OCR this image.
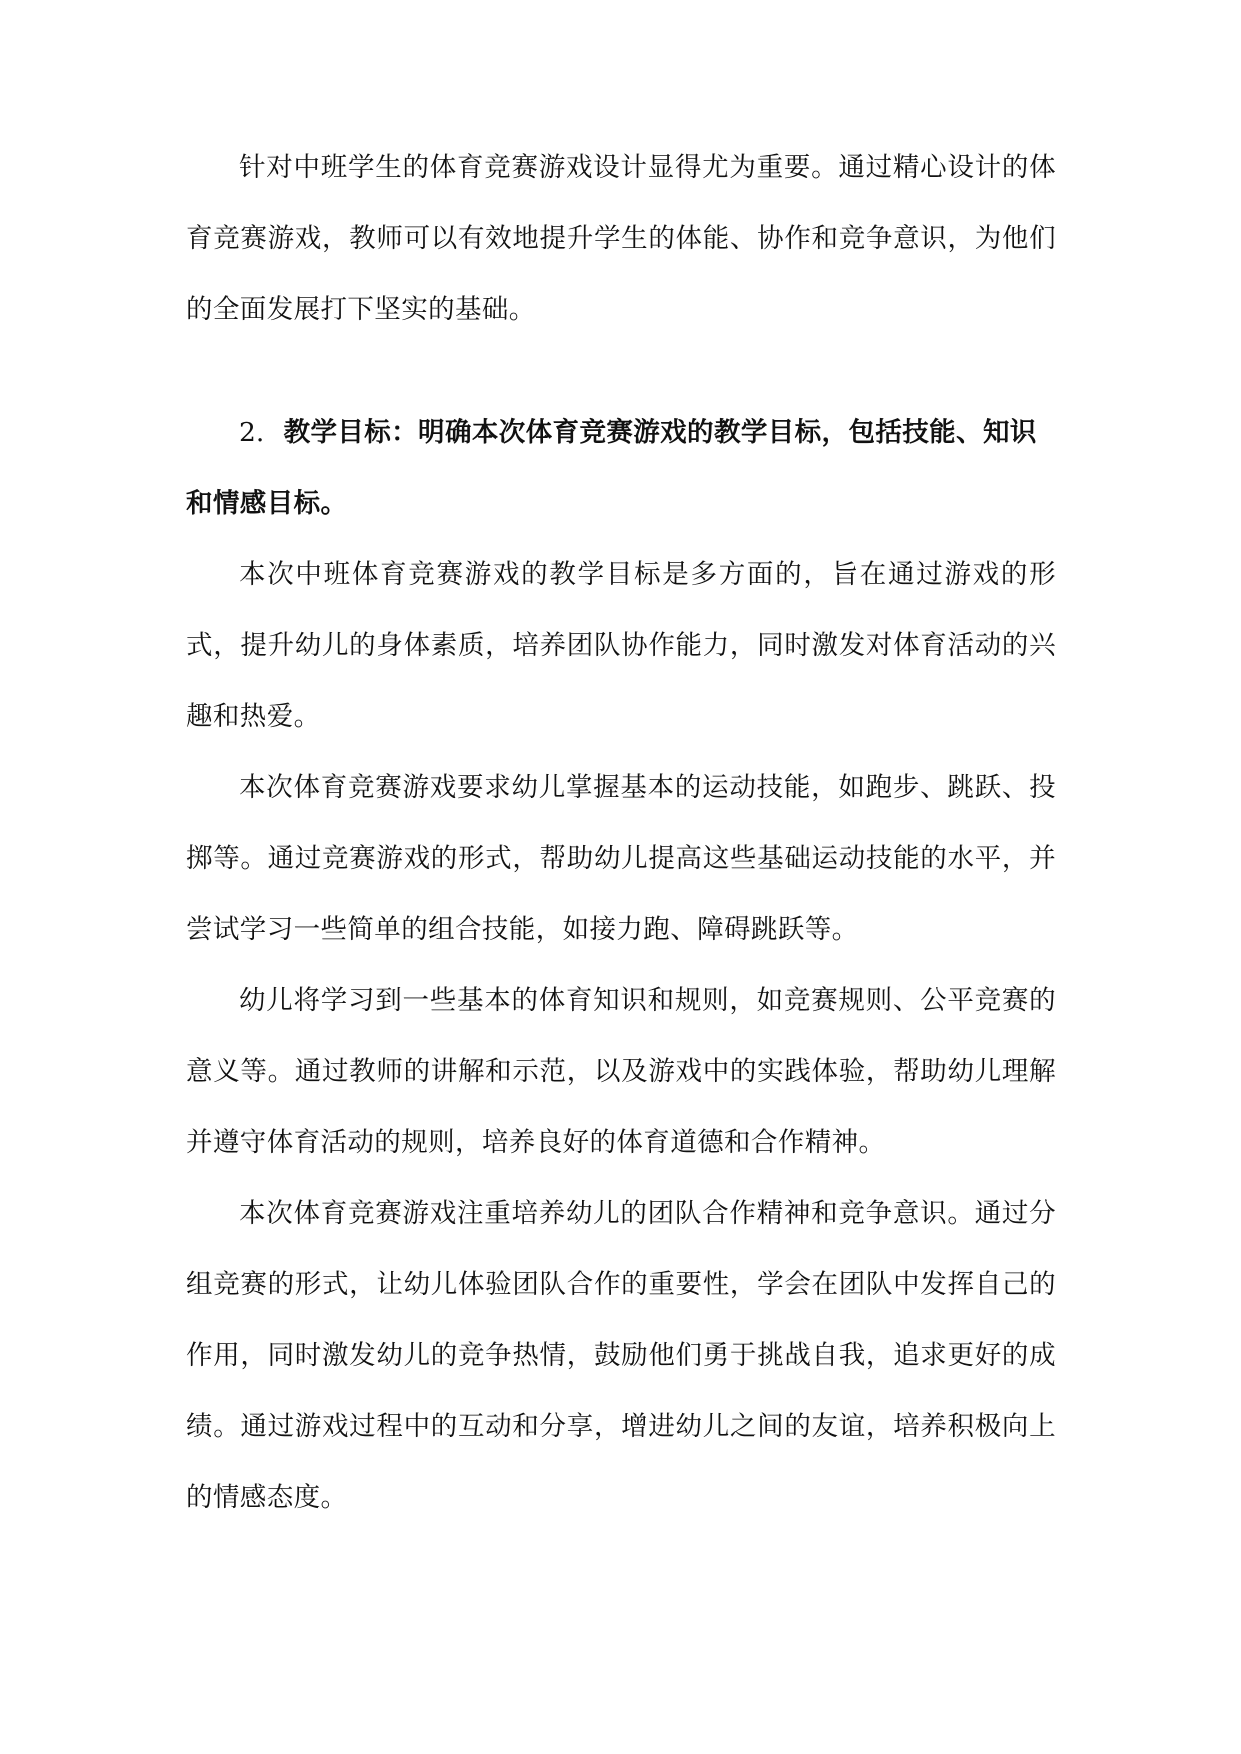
针对中班学生的体育竞赛游戏设计显得尤为重要。通过精心设计的体育竞赛游戏，教师可以有效地提升学生的体能、协作和竞争意识，为他们的全面发展打下坚实的基础。

2. 教学目标：明确本次体育竞赛游戏的教学目标，包括技能、知识和情感目标。

本次中班体育竞赛游戏的教学目标是多方面的，旨在通过游戏的形式，提升幼儿的身体素质，培养团队协作能力，同时激发对体育活动的兴趣和热爱。

本次体育竞赛游戏要求幼儿掌握基本的运动技能，如跑步、跳跃、投掷等。通过竞赛游戏的形式，帮助幼儿提高这些基础运动技能的水平，并尝试学习一些简单的组合技能，如接力跑、障碍跳跃等。

幼儿将学习到一些基本的体育知识和规则，如竞赛规则、公平竞赛的意义等。通过教师的讲解和示范，以及游戏中的实践体验，帮助幼儿理解并遵守体育活动的规则，培养良好的体育道德和合作精神。

本次体育竞赛游戏注重培养幼儿的团队合作精神和竞争意识。通过分组竞赛的形式，让幼儿体验团队合作的重要性，学会在团队中发挥自己的作用，同时激发幼儿的竞争热情，鼓励他们勇于挑战自我，追求更好的成绩。通过游戏过程中的互动和分享，增进幼儿之间的友谊，培养积极向上的情感态度。
